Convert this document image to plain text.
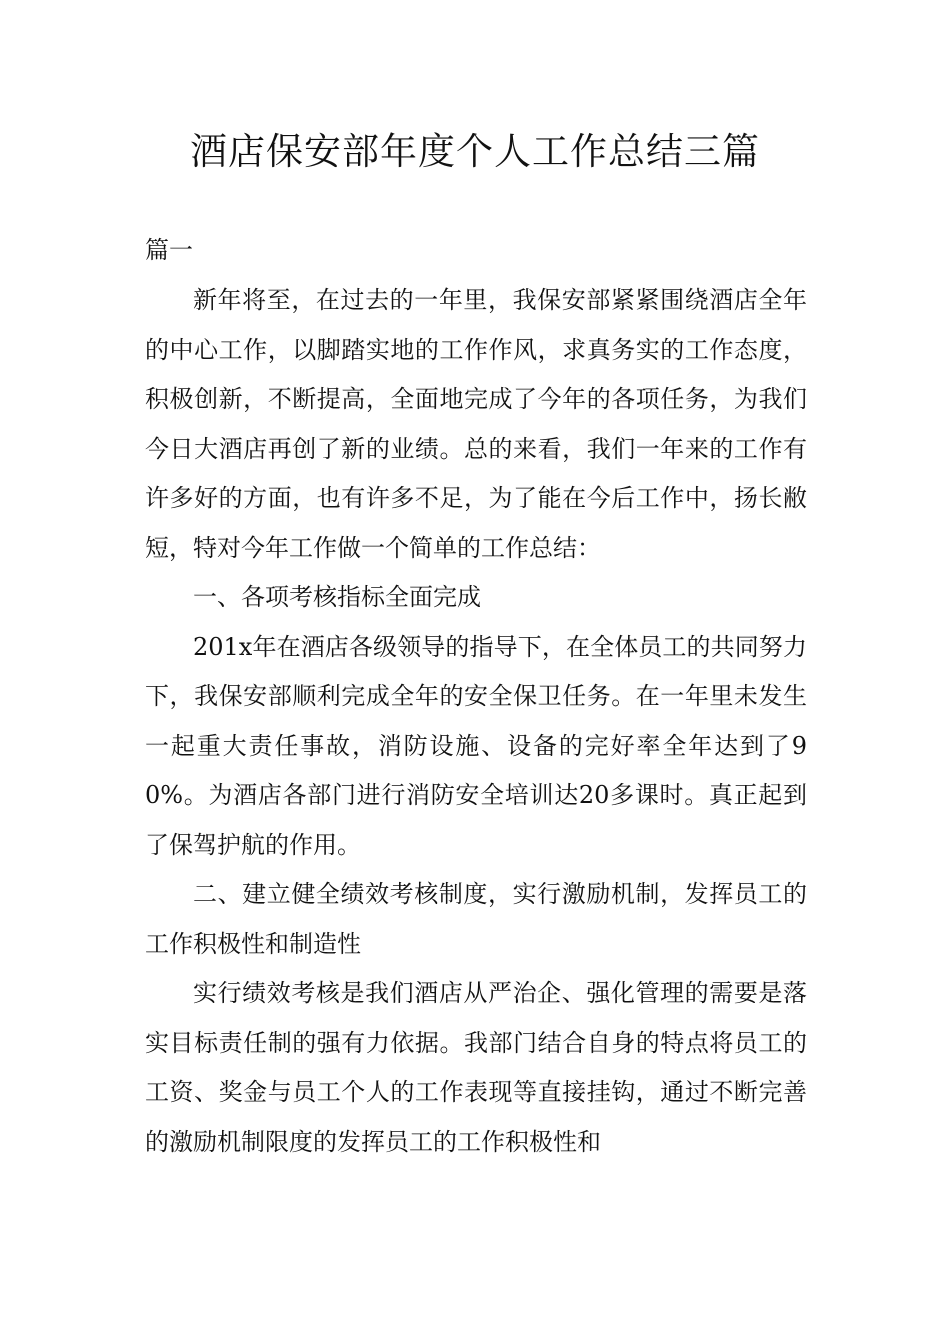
酒店保安部年度个人工作总结三篇
篇一

新年将至，在过去的一年里，我保安部紧紧围绕酒店全年的中心工作，以脚踏实地的工作作风，求真务实的工作态度，积极创新，不断提高，全面地完成了今年的各项任务，为我们今日大酒店再创了新的业绩。总的来看，我们一年来的工作有许多好的方面，也有许多不足，为了能在今后工作中，扬长敝短，特对今年工作做一个简单的工作总结：

一、各项考核指标全面完成

201x年在酒店各级领导的指导下，在全体员工的共同努力下，我保安部顺利完成全年的安全保卫任务。在一年里未发生一起重大责任事故，消防设施、设备的完好率全年达到了90%。为酒店各部门进行消防安全培训达20多课时。真正起到了保驾护航的作用。

二、建立健全绩效考核制度，实行激励机制，发挥员工的工作积极性和制造性

实行绩效考核是我们酒店从严治企、强化管理的需要是落实目标责任制的强有力依据。我部门结合自身的特点将员工的工资、奖金与员工个人的工作表现等直接挂钩，通过不断完善的激励机制限度的发挥员工的工作积极性和
